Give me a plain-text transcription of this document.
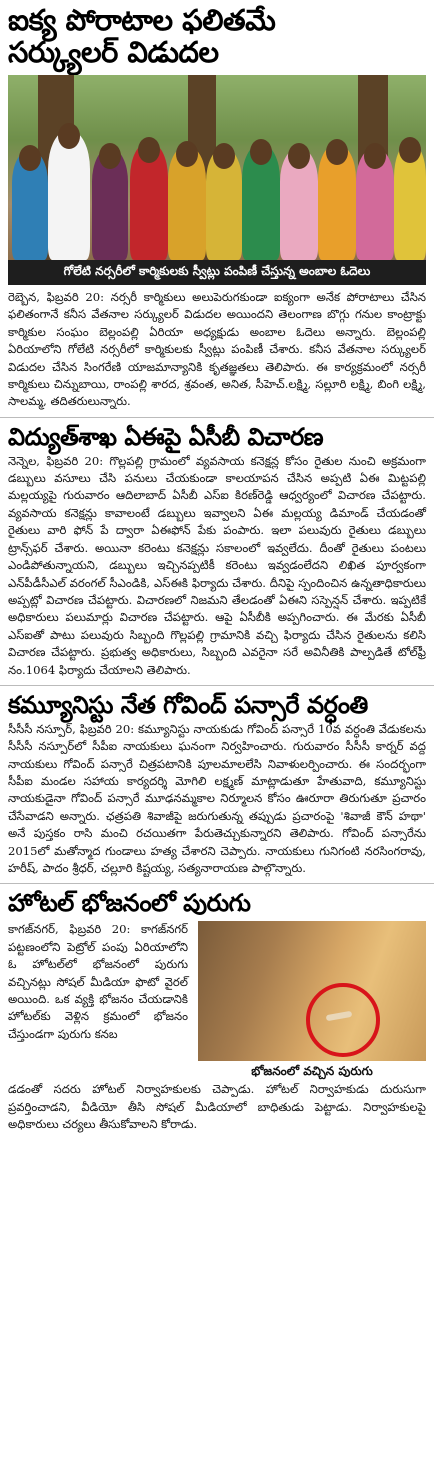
ఐక్య పోరాటాల ఫలితమే
సర్క్యులర్ విడుదల
గోలేటి నర్సరీలో కార్మికులకు స్వీట్లు పంపిణీ చేస్తున్న అంబాల ఓదెలు

రెబ్బెన, ఫిబ్రవరి 20: నర్సరీ కార్మికులు అలుపెరుగకుండా ఐక్యంగా అనేక పోరాటాలు చేసిన ఫలితంగానే కనీస వేతనాల సర్క్యులర్ విడుదల అయిందని తెలంగాణ బొగ్గు గనుల కాంట్రాక్టు కార్మికుల సంఘం బెల్లంపల్లి ఏరియా అధ్యక్షుడు అంబాల ఓదెలు అన్నారు. బెల్లంపల్లి ఏరియాలోని గోలేటి నర్సరీలో కార్మికులకు స్వీట్లు పంపిణీ చేశారు. కనీస వేతనాల సర్క్యులర్ విడుదల చేసిన సింగరేణి యాజమాన్యానికి కృతజ్ఞతలు తెలిపారు. ఈ కార్యక్రమంలో నర్సరీ కార్మికులు చిన్నుబాయి, రాంపల్లి శారద, శ్రవంత, అనిత, సీహెచ్.లక్ష్మి, సల్లూరి లక్ష్మి, బింగి లక్ష్మి, సాలమ్మ, తదితరులున్నారు.

విద్యుత్‌శాఖ ఏఈపై ఏసీబీ విచారణ

నెన్నెల, ఫిబ్రవరి 20: గొల్లపల్లి గ్రామంలో వ్యవసాయ కనెక్షన్ల కోసం రైతుల నుంచి అక్రమంగా డబ్బులు వసూలు చేసి పనులు చేయకుండా కాలయాపన చేసిన అప్పటి ఏఈ మిట్టపల్లి మల్లయ్యపై గురువారం ఆదిలాబాద్ ఏసీబీ ఎస్ఐ కిరణ్‌రెడ్డి ఆధ్వర్యంలో విచారణ చేపట్టారు. వ్యవసాయ కనెక్షన్లు కావాలంటే డబ్బులు ఇవ్వాలని ఏఈ మల్లయ్య డిమాండ్ చేయడంతో రైతులు వారి ఫోన్ పే ద్వారా ఏఈఫోన్ పేకు పంపారు. ఇలా పలువురు రైతులు డబ్బులు ట్రాన్స్‌ఫర్ చేశారు. అయినా కరెంటు కనెక్షన్లు సకాలంలో ఇవ్వలేదు. దీంతో రైతులు పంటలు ఎండిపోతున్నాయని, డబ్బులు ఇచ్చినప్పటికీ కరెంటు ఇవ్వడంలేదని లిఖిత పూర్వకంగా ఎన్‌పీడీసీఎల్ వరంగల్ సీఎండికి, ఎస్ఈకి ఫిర్యాదు చేశారు. దీనిపై స్పందించిన ఉన్నతాధికారులు అప్పట్లో విచారణ చేపట్టారు. విచారణలో నిజమని తేలడంతో ఏఈని సస్పెన్షన్ చేశారు. ఇప్పటికే అధికారులు పలుమార్లు విచారణ చేపట్టారు. ఆపై ఏసీబీకి అప్పగించారు. ఈ మేరకు ఏసీబీ ఎస్ఐతో పాటు పలువురు సిబ్బంది గొల్లపల్లి గ్రామానికి వచ్చి ఫిర్యాదు చేసిన రైతులను కలిసి విచారణ చేపట్టారు. ప్రభుత్వ అధికారులు, సిబ్బంది ఎవరైనా సరే అవినీతికి పాల్పడితే టోల్‌ఫ్రీ నం.1064 ఫిర్యాదు చేయాలని తెలిపారు.

కమ్యూనిస్టు నేత గోవింద్ పన్సారే వర్ధంతి

సీసీసీ నస్పూర్, ఫిబ్రవరి 20: కమ్యూనిస్టు నాయకుడు గోవింద్ పన్సారే 10వ వర్ధంతి వేడుకలను సీసీసీ నస్పూర్‌లో సీపీఐ నాయకులు ఘనంగా నిర్వహించారు. గురువారం సీసీసీ కార్నర్ వద్ద నాయకులు గోవింద్ పన్సారే చిత్రపటానికి పూలమాలలేసి నివాళులర్పించారు. ఈ సందర్భంగా సీపీఐ మండల సహాయ కార్యదర్శి మోగిలి లక్ష్మణ్ మాట్లాడుతూ హేతువాది, కమ్యూనిస్టు నాయకుడైనా గోవింద్ పన్సారే మూఢనమ్మకాల నిర్మూలన కోసం ఊరూరా తిరుగుతూ ప్రచారం చేసేవాడని అన్నారు. ఛత్రపతి శివాజీపై జరుగుతున్న తప్పుడు ప్రచారంపై 'శివాజీ కౌన్ హథా' అనే పుస్తకం రాసి మంచి రచయితగా పేరుతెచ్చుకున్నారని తెలిపారు. గోవింద్ పన్సారేను 2015లో మతోన్మాద గుండాలు హత్య చేశారని చెప్పారు. నాయకులు గునిగంటి నరసింగరావు, హరీష్, పాదం శ్రీధర్, చల్లూరి కిష్టయ్య, సత్యనారాయణ పాల్గొన్నారు.

హోటల్ భోజనంలో పురుగు
కాగజ్‌నగర్, ఫిబ్రవరి 20: కాగజ్‌నగర్ పట్టణంలోని పెట్రోల్ పంపు ఏరియాలోని ఓ హోటల్‌లో భోజనంలో పురుగు వచ్చినట్లు సోషల్ మీడియా ఫొటో వైరల్ అయింది. ఒక వ్యక్తి భోజనం చేయడానికి హోటల్‌కు వెళ్లిన క్రమంలో భోజనం చేస్తుండగా పురుగు కనబ
భోజనంలో వచ్చిన పురుగు

డడంతో సదరు హోటల్ నిర్వాహకులకు చెప్పాడు. హోటల్ నిర్వాహకుడు దురుసుగా ప్రవర్తించాడని, వీడియో తీసి సోషల్ మీడియాలో బాధితుడు పెట్టాడు. నిర్వాహకులపై అధికారులు చర్యలు తీసుకోవాలని కోరాడు.
